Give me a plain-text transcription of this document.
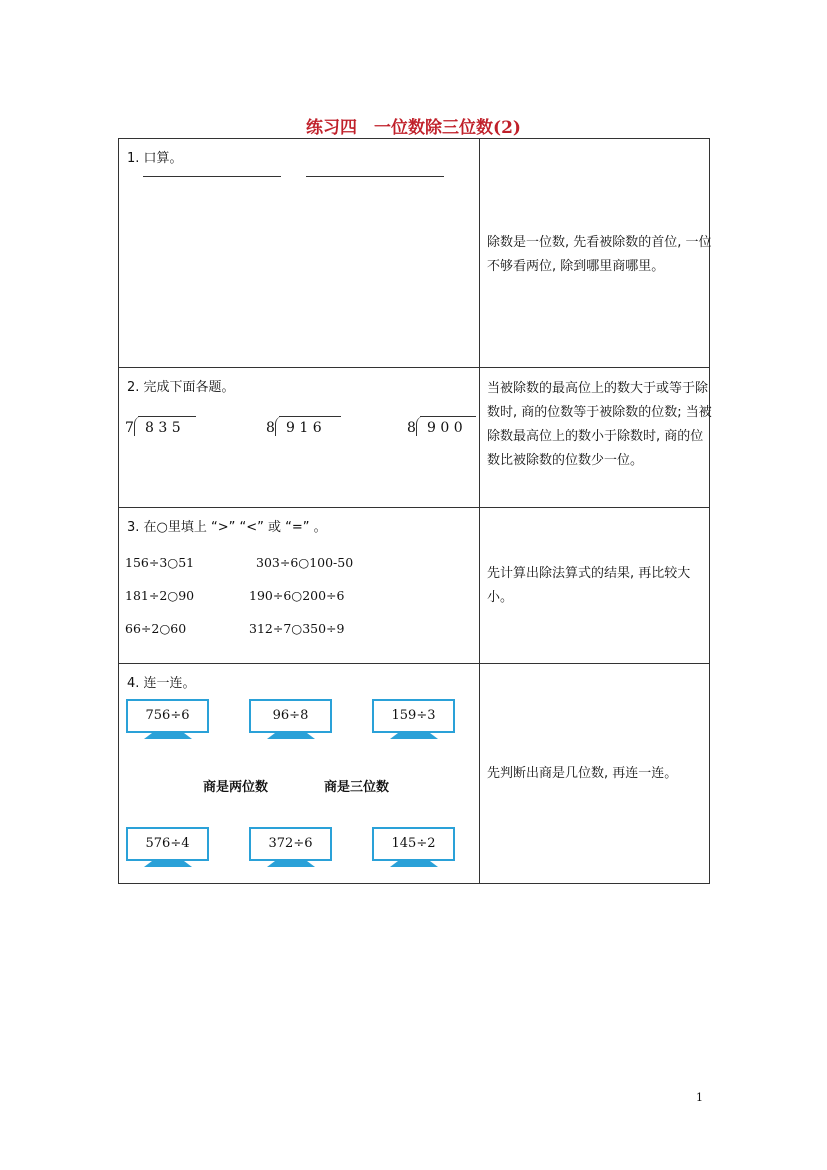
练习四　一位数除三位数(2)
1. 口算。
除数是一位数, 先看被除数的首位, 一位不够看两位, 除到哪里商哪里。
2. 完成下面各题。
7 8 3 5	8 9 1 6	8 9 0 0
当被除数的最高位上的数大于或等于除数时, 商的位数等于被除数的位数; 当被除数最高位上的数小于除数时, 商的位数比被除数的位数少一位。
3. 在○里填上 “>” “<” 或 “=” 。
156÷3○51	303÷6○100-50
181÷2○90	190÷6○200÷6
66÷2○60	312÷7○350÷9
先计算出除法算式的结果, 再比较大小。
4. 连一连。
756÷6	96÷8	159÷3
商是两位数	商是三位数
576÷4	372÷6	145÷2
先判断出商是几位数, 再连一连。
1
